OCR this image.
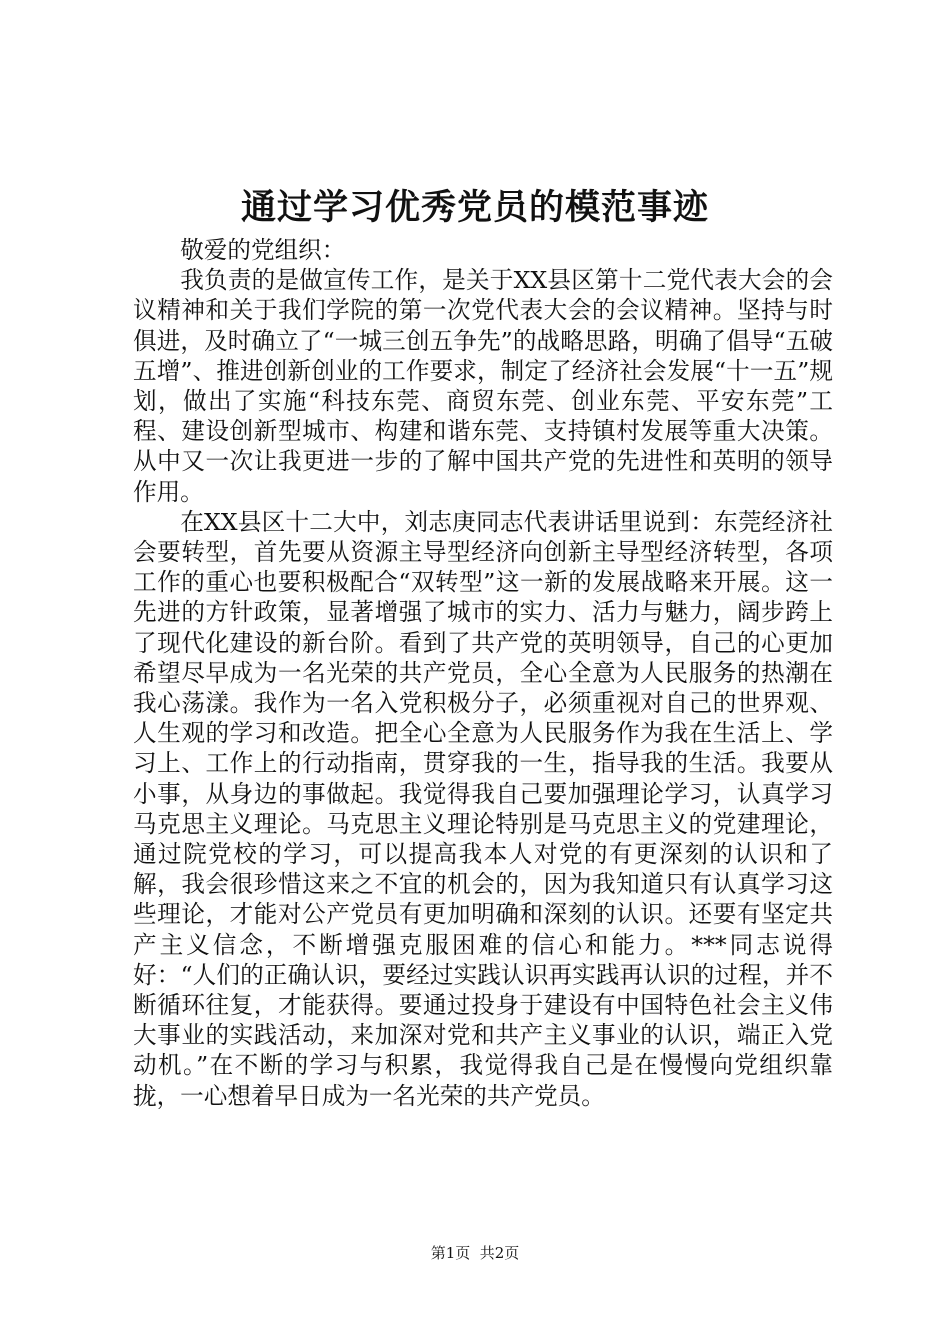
通过学习优秀党员的模范事迹

敬爱的党组织：

我负责的是做宣传工作，是关于XX县区第十二党代表大会的会议精神和关于我们学院的第一次党代表大会的会议精神。坚持与时俱进，及时确立了“一城三创五争先”的战略思路，明确了倡导“五破五增”、推进创新创业的工作要求，制定了经济社会发展“十一五”规划，做出了实施“科技东莞、商贸东莞、创业东莞、平安东莞”工程、建设创新型城市、构建和谐东莞、支持镇村发展等重大决策。从中又一次让我更进一步的了解中国共产党的先进性和英明的领导作用。

在XX县区十二大中，刘志庚同志代表讲话里说到：东莞经济社会要转型，首先要从资源主导型经济向创新主导型经济转型，各项工作的重心也要积极配合“双转型”这一新的发展战略来开展。这一先进的方针政策，显著增强了城市的实力、活力与魅力，阔步跨上了现代化建设的新台阶。看到了共产党的英明领导，自己的心更加希望尽早成为一名光荣的共产党员，全心全意为人民服务的热潮在我心荡漾。我作为一名入党积极分子，必须重视对自己的世界观、人生观的学习和改造。把全心全意为人民服务作为我在生活上、学习上、工作上的行动指南，贯穿我的一生，指导我的生活。我要从小事，从身边的事做起。我觉得我自己要加强理论学习，认真学习马克思主义理论。马克思主义理论特别是马克思主义的党建理论，通过院党校的学习，可以提高我本人对党的有更深刻的认识和了解，我会很珍惜这来之不宜的机会的，因为我知道只有认真学习这些理论，才能对公产党员有更加明确和深刻的认识。还要有坚定共产主义信念，不断增强克服困难的信心和能力。***同志说得好：“人们的正确认识，要经过实践认识再实践再认识的过程，并不断循环往复，才能获得。要通过投身于建设有中国特色社会主义伟大事业的实践活动，来加深对党和共产主义事业的认识，端正入党动机。”在不断的学习与积累，我觉得我自己是在慢慢向党组织靠拢，一心想着早日成为一名光荣的共产党员。

第1页  共2页
